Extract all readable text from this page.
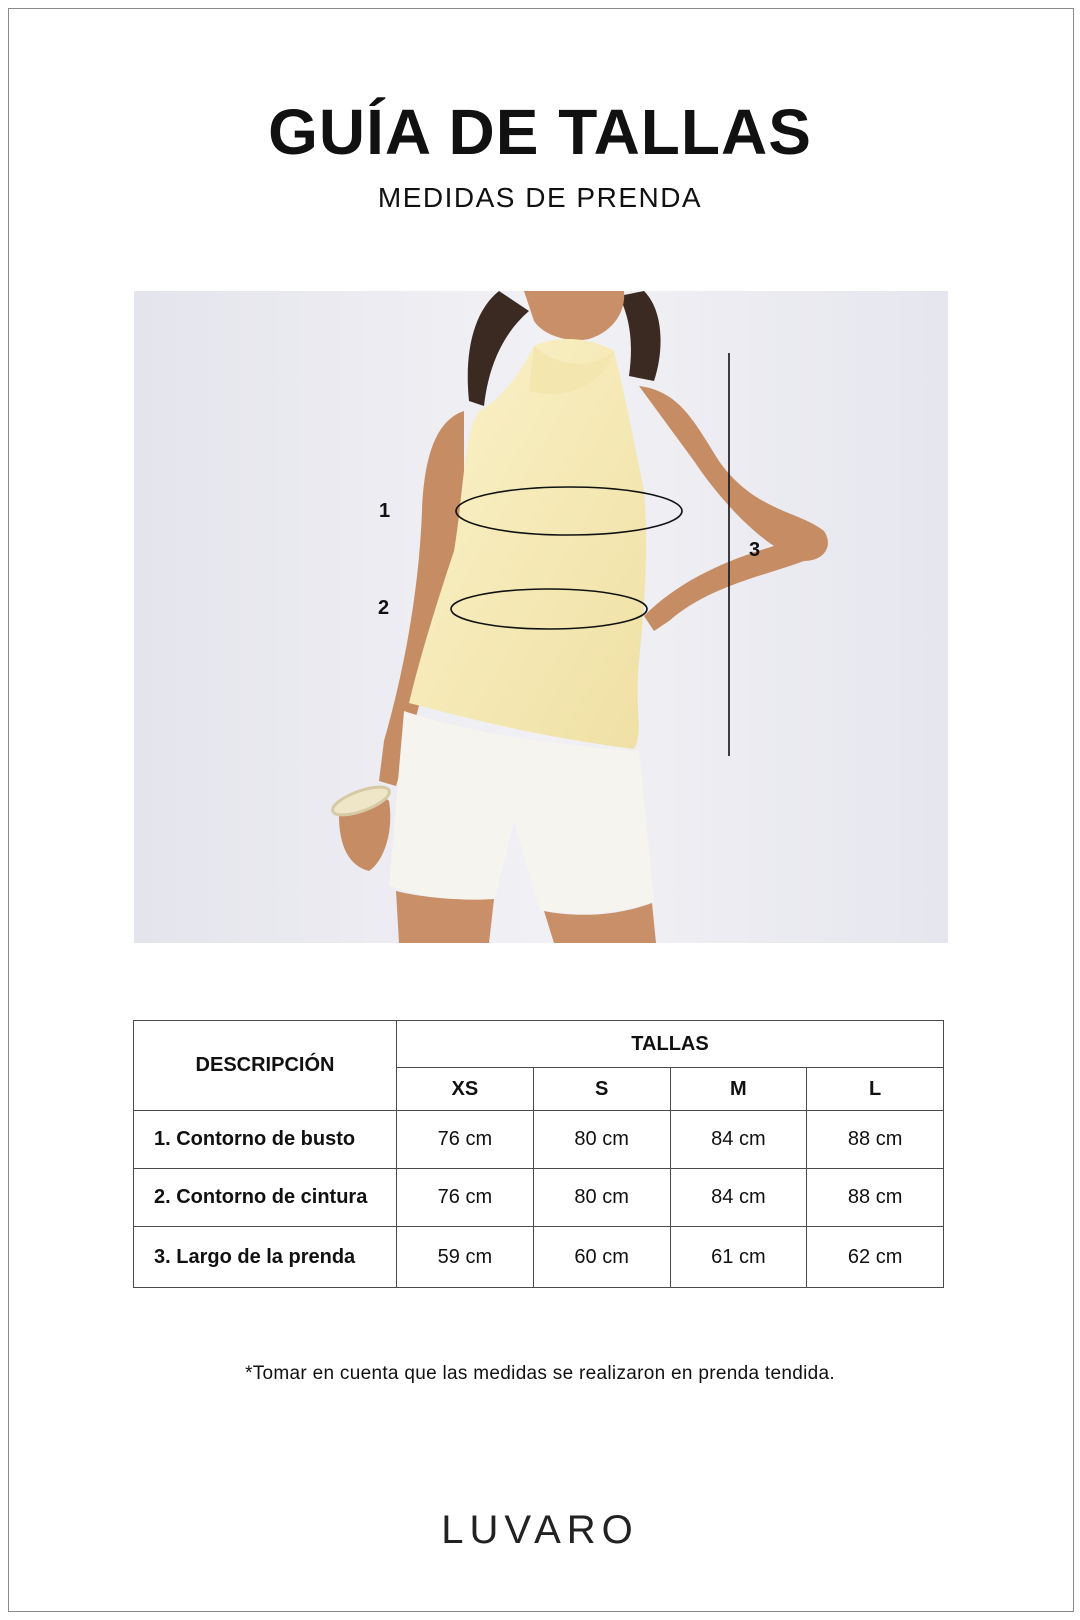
GUÍA DE TALLAS

MEDIDAS DE PRENDA

1
2
3
DESCRIPCIÓN	TALLAS			
	XS	S	M	L
1. Contorno de busto	76 cm	80 cm	84 cm	88 cm
2. Contorno de cintura	76 cm	80 cm	84 cm	88 cm
3. Largo de la prenda	59 cm	60 cm	61 cm	62 cm

*Tomar en cuenta que las medidas se realizaron en prenda tendida.

LUVARO
